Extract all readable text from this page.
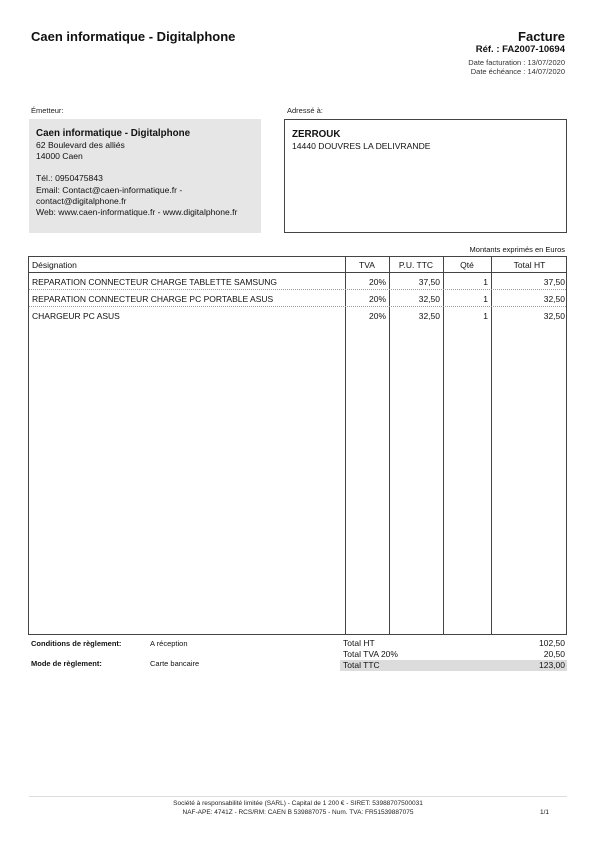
Caen informatique - Digitalphone	Facture
Réf. : FA2007-10694
Date facturation : 13/07/2020
Date échéance : 14/07/2020
Émetteur:	Adressé à:
Caen informatique - Digitalphone
62 Boulevard des alliés
14000 Caen
Tél.: 0950475843
Email: Contact@caen-informatique.fr -
contact@digitalphone.fr
Web: www.caen-informatique.fr - www.digitalphone.fr
ZERROUK
14440 DOUVRES LA DELIVRANDE
Montants exprimés en Euros
Désignation	TVA	P.U. TTC	Qté	Total HT
REPARATION CONNECTEUR CHARGE TABLETTE SAMSUNG	20%	37,50	1	37,50
REPARATION CONNECTEUR CHARGE PC PORTABLE ASUS	20%	32,50	1	32,50
CHARGEUR PC ASUS	20%	32,50	1	32,50
Conditions de règlement:	A réception
Mode de règlement:	Carte bancaire
Total HT	102,50
Total TVA 20%	20,50
Total TTC	123,00
Société à responsabilité limitée (SARL) - Capital de 1 200 € - SIRET: 53988707500031
NAF-APE: 4741Z - RCS/RM: CAEN B 539887075 - Num. TVA: FR51539887075	1/1
